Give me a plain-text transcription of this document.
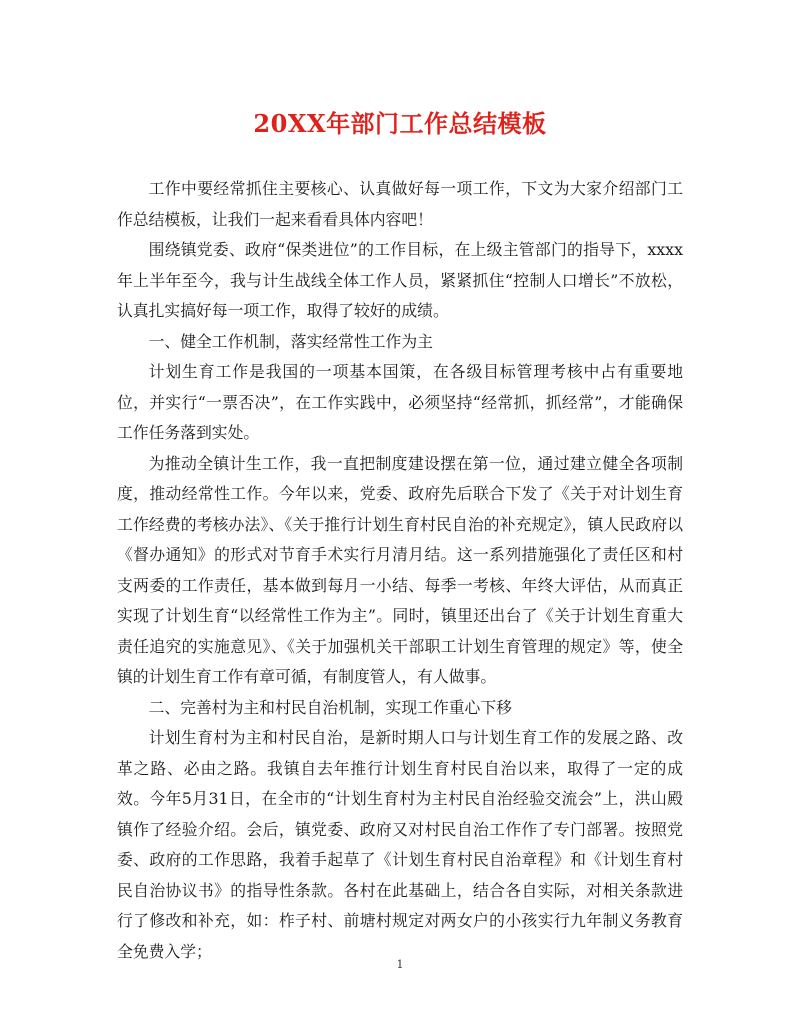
20XX年部门工作总结模板

工作中要经常抓住主要核心、认真做好每一项工作，下文为大家介绍部门工作总结模板，让我们一起来看看具体内容吧！

围绕镇党委、政府“保类进位”的工作目标，在上级主管部门的指导下，xxxx年上半年至今，我与计生战线全体工作人员，紧紧抓住“控制人口增长”不放松，认真扎实搞好每一项工作，取得了较好的成绩。

一、健全工作机制，落实经常性工作为主

计划生育工作是我国的一项基本国策，在各级目标管理考核中占有重要地位，并实行“一票否决”，在工作实践中，必须坚持“经常抓，抓经常”，才能确保工作任务落到实处。

为推动全镇计生工作，我一直把制度建设摆在第一位，通过建立健全各项制度，推动经常性工作。今年以来，党委、政府先后联合下发了《关于对计划生育工作经费的考核办法》、《关于推行计划生育村民自治的补充规定》，镇人民政府以《督办通知》的形式对节育手术实行月清月结。这一系列措施强化了责任区和村支两委的工作责任，基本做到每月一小结、每季一考核、年终大评估，从而真正实现了计划生育“以经常性工作为主”。同时，镇里还出台了《关于计划生育重大责任追究的实施意见》、《关于加强机关干部职工计划生育管理的规定》等，使全镇的计划生育工作有章可循，有制度管人，有人做事。

二、完善村为主和村民自治机制，实现工作重心下移

计划生育村为主和村民自治，是新时期人口与计划生育工作的发展之路、改革之路、必由之路。我镇自去年推行计划生育村民自治以来，取得了一定的成效。今年5月31日，在全市的“计划生育村为主村民自治经验交流会”上，洪山殿镇作了经验介绍。会后，镇党委、政府又对村民自治工作作了专门部署。按照党委、政府的工作思路，我着手起草了《计划生育村民自治章程》和《计划生育村民自治协议书》的指导性条款。各村在此基础上，结合各自实际，对相关条款进行了修改和补充，如：柞子村、前塘村规定对两女户的小孩实行九年制义务教育全免费入学；

1
